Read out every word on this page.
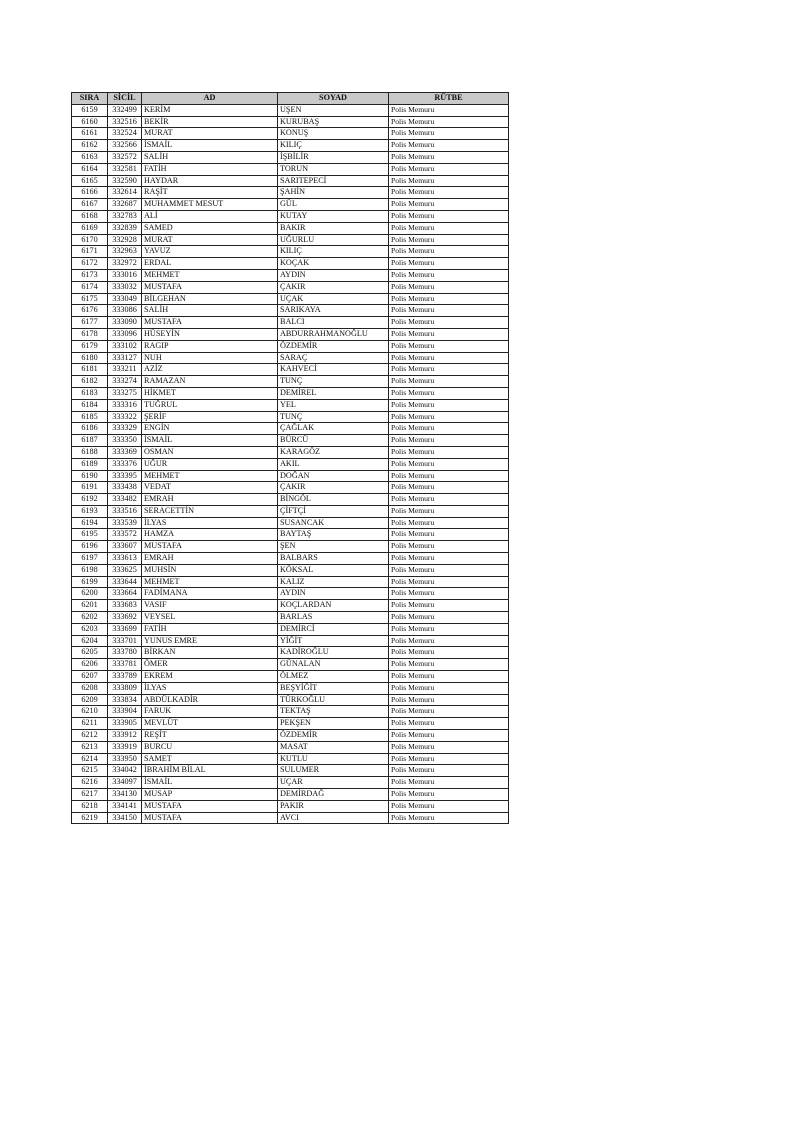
SIRA	SİCİL	AD	SOYAD	RÜTBE
6159	332499	KERİM	UŞEN	Polis Memuru
6160	332516	BEKİR	KURUBAŞ	Polis Memuru
6161	332524	MURAT	KONUŞ	Polis Memuru
6162	332566	İSMAİL	KILIÇ	Polis Memuru
6163	332572	SALİH	İŞBİLİR	Polis Memuru
6164	332581	FATİH	TORUN	Polis Memuru
6165	332590	HAYDAR	SARITEPECİ	Polis Memuru
6166	332614	RAŞİT	ŞAHİN	Polis Memuru
6167	332687	MUHAMMET MESUT	GÜL	Polis Memuru
6168	332783	ALİ	KUTAY	Polis Memuru
6169	332839	SAMED	BAKIR	Polis Memuru
6170	332928	MURAT	UĞURLU	Polis Memuru
6171	332963	YAVUZ	KILIÇ	Polis Memuru
6172	332972	ERDAL	KOÇAK	Polis Memuru
6173	333016	MEHMET	AYDIN	Polis Memuru
6174	333032	MUSTAFA	ÇAKIR	Polis Memuru
6175	333049	BİLGEHAN	UÇAK	Polis Memuru
6176	333086	SALİH	SARIKAYA	Polis Memuru
6177	333090	MUSTAFA	BALCI	Polis Memuru
6178	333096	HÜSEYİN	ABDURRAHMANOĞLU	Polis Memuru
6179	333102	RAGIP	ÖZDEMİR	Polis Memuru
6180	333127	NUH	SARAÇ	Polis Memuru
6181	333211	AZİZ	KAHVECİ	Polis Memuru
6182	333274	RAMAZAN	TUNÇ	Polis Memuru
6183	333275	HİKMET	DEMİREL	Polis Memuru
6184	333316	TUĞRUL	YEL	Polis Memuru
6185	333322	ŞERİF	TUNÇ	Polis Memuru
6186	333329	ENGİN	ÇAĞLAK	Polis Memuru
6187	333350	İSMAİL	BÜRCÜ	Polis Memuru
6188	333369	OSMAN	KARAGÖZ	Polis Memuru
6189	333376	UĞUR	AKIL	Polis Memuru
6190	333395	MEHMET	DOĞAN	Polis Memuru
6191	333438	VEDAT	ÇAKIR	Polis Memuru
6192	333482	EMRAH	BİNGÖL	Polis Memuru
6193	333516	SERACETTİN	ÇİFTÇİ	Polis Memuru
6194	333539	İLYAS	SUSANCAK	Polis Memuru
6195	333572	HAMZA	BAYTAŞ	Polis Memuru
6196	333607	MUSTAFA	ŞEN	Polis Memuru
6197	333613	EMRAH	BALBARS	Polis Memuru
6198	333625	MUHSİN	KÖKSAL	Polis Memuru
6199	333644	MEHMET	KALIZ	Polis Memuru
6200	333664	FADİMANA	AYDIN	Polis Memuru
6201	333683	VASIF	KOÇLARDAN	Polis Memuru
6202	333692	VEYSEL	BARLAS	Polis Memuru
6203	333699	FATİH	DEMİRCİ	Polis Memuru
6204	333701	YUNUS EMRE	YİĞİT	Polis Memuru
6205	333780	BİRKAN	KADİROĞLU	Polis Memuru
6206	333781	ÖMER	GÜNALAN	Polis Memuru
6207	333789	EKREM	ÖLMEZ	Polis Memuru
6208	333809	İLYAS	BEŞYİĞİT	Polis Memuru
6209	333834	ABDÜLKADİR	TÜRKOĞLU	Polis Memuru
6210	333904	FARUK	TEKTAŞ	Polis Memuru
6211	333905	MEVLÜT	PEKŞEN	Polis Memuru
6212	333912	REŞİT	ÖZDEMİR	Polis Memuru
6213	333919	BURCU	MASAT	Polis Memuru
6214	333950	SAMET	KUTLU	Polis Memuru
6215	334042	İBRAHİM BİLAL	SULUMER	Polis Memuru
6216	334097	İSMAİL	UÇAR	Polis Memuru
6217	334130	MUSAP	DEMİRDAĞ	Polis Memuru
6218	334141	MUSTAFA	PAKIR	Polis Memuru
6219	334150	MUSTAFA	AVCI	Polis Memuru
